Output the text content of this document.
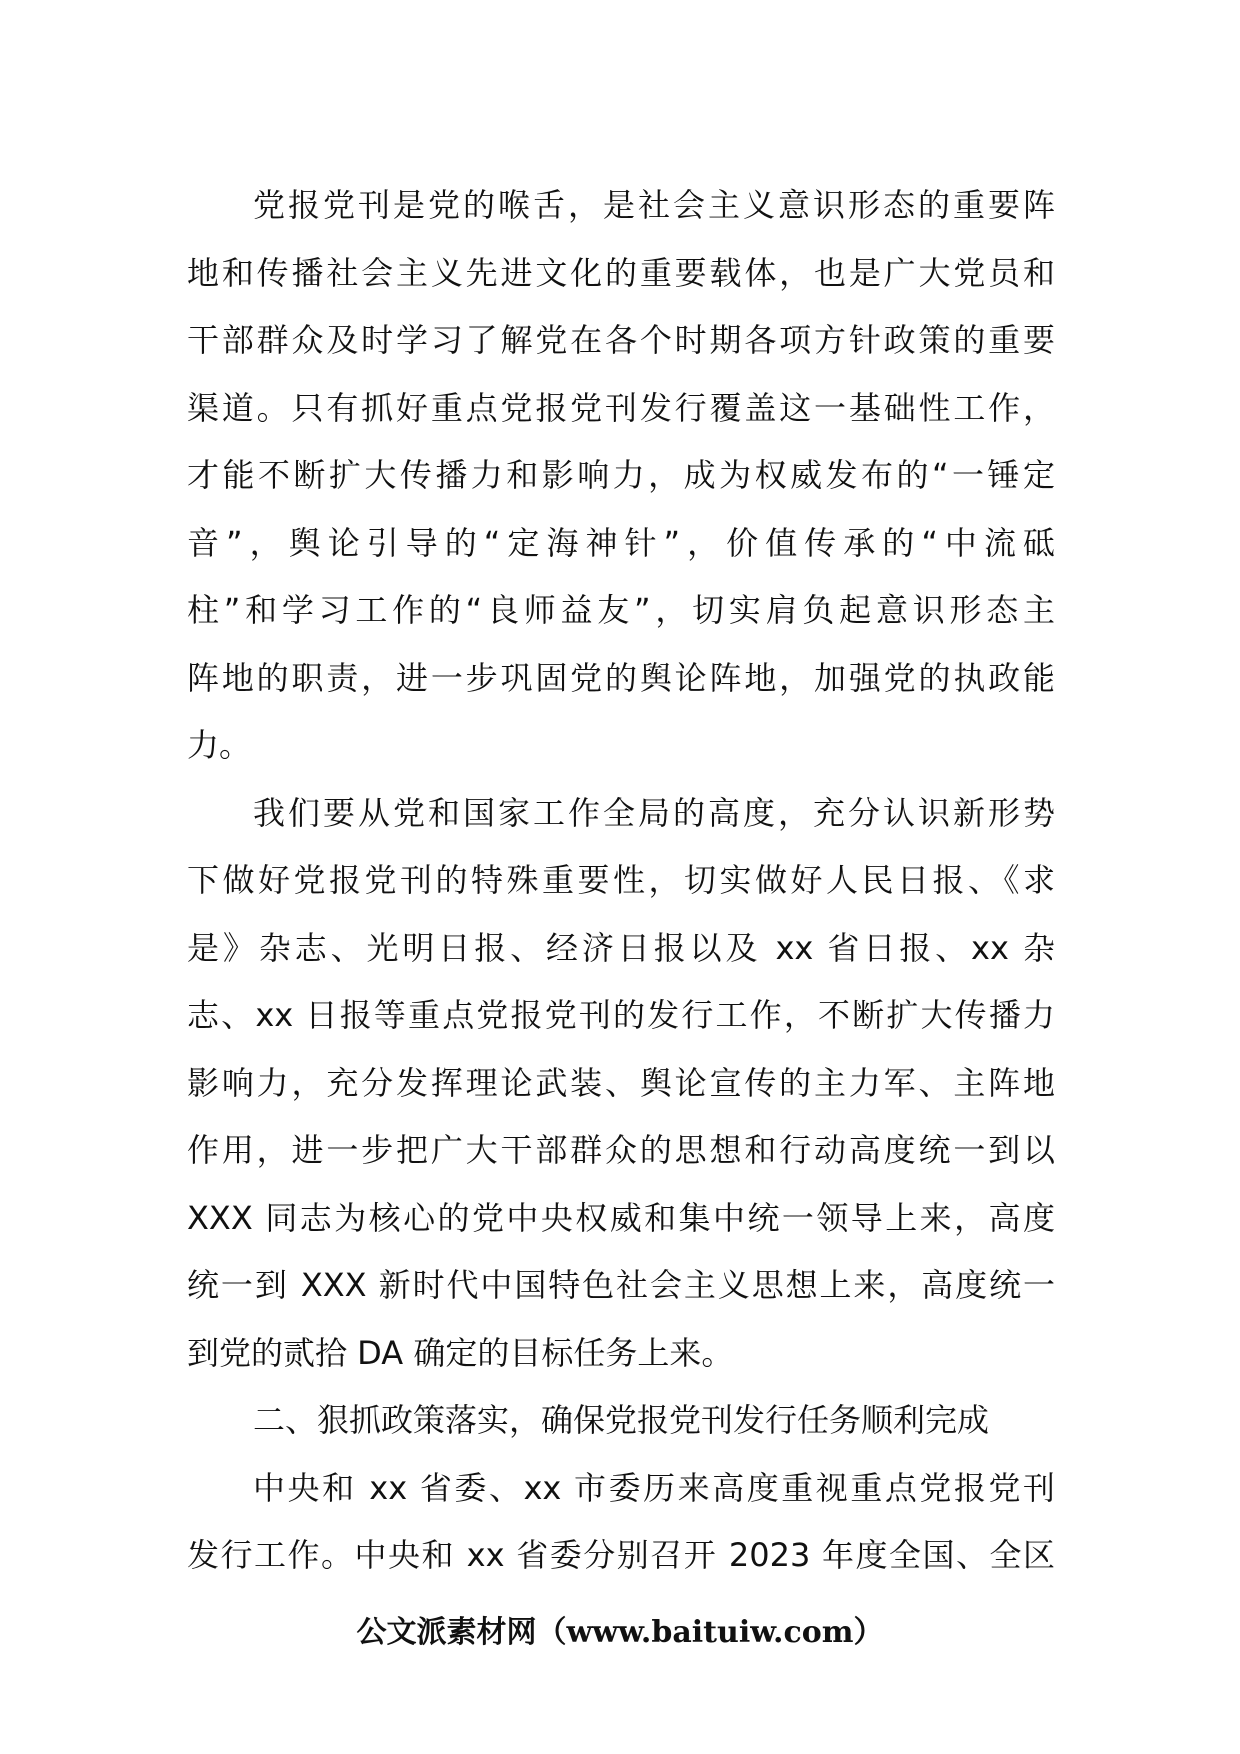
党报党刊是党的喉舌，是社会主义意识形态的重要阵
地和传播社会主义先进文化的重要载体，也是广大党员和
干部群众及时学习了解党在各个时期各项方针政策的重要
渠道。只有抓好重点党报党刊发行覆盖这一基础性工作，
才能不断扩大传播力和影响力，成为权威发布的“一锤定
音”，舆论引导的“定海神针”，价值传承的“中流砥
柱”和学习工作的“良师益友”，切实肩负起意识形态主
阵地的职责，进一步巩固党的舆论阵地，加强党的执政能
力。
我们要从党和国家工作全局的高度，充分认识新形势
下做好党报党刊的特殊重要性，切实做好人民日报、《求
是》杂志、光明日报、经济日报以及 xx 省日报、xx 杂
志、xx 日报等重点党报党刊的发行工作，不断扩大传播力
影响力，充分发挥理论武装、舆论宣传的主力军、主阵地
作用，进一步把广大干部群众的思想和行动高度统一到以
XXX 同志为核心的党中央权威和集中统一领导上来，高度
统一到 XXX 新时代中国特色社会主义思想上来，高度统一
到党的贰拾 DA 确定的目标任务上来。
二、狠抓政策落实，确保党报党刊发行任务顺利完成
中央和 xx 省委、xx 市委历来高度重视重点党报党刊
发行工作。中央和 xx 省委分别召开 2023 年度全国、全区
公文派素材网（www.baituiw.com）
